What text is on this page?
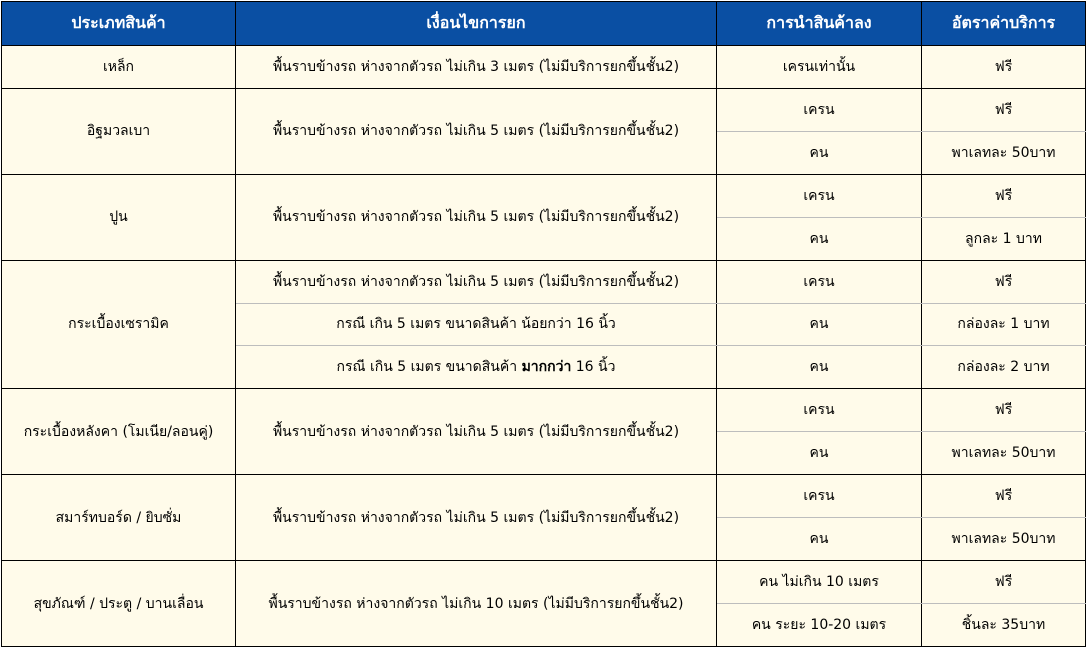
ประเภทสินค้า	เงื่อนไขการยก	การนำสินค้าลง	อัตราค่าบริการ
เหล็ก	พื้นราบข้างรถ ห่างจากตัวรถ ไม่เกิน 3 เมตร (ไม่มีบริการยกขึ้นชั้น2)	เครนเท่านั้น	ฟรี
อิฐมวลเบา	พื้นราบข้างรถ ห่างจากตัวรถ ไม่เกิน 5 เมตร (ไม่มีบริการยกขึ้นชั้น2)	เครน	ฟรี
		คน	พาเลทละ 50บาท
ปูน	พื้นราบข้างรถ ห่างจากตัวรถ ไม่เกิน 5 เมตร (ไม่มีบริการยกขึ้นชั้น2)	เครน	ฟรี
		คน	ลูกละ 1 บาท
กระเบื้องเซรามิค	พื้นราบข้างรถ ห่างจากตัวรถ ไม่เกิน 5 เมตร (ไม่มีบริการยกขึ้นชั้น2)	เครน	ฟรี
	กรณี เกิน 5 เมตร ขนาดสินค้า น้อยกว่า 16 นิ้ว	คน	กล่องละ 1 บาท
	กรณี เกิน 5 เมตร ขนาดสินค้า มากกว่า 16 นิ้ว	คน	กล่องละ 2 บาท
กระเบื้องหลังคา (โมเนีย/ลอนคู่)	พื้นราบข้างรถ ห่างจากตัวรถ ไม่เกิน 5 เมตร (ไม่มีบริการยกขึ้นชั้น2)	เครน	ฟรี
		คน	พาเลทละ 50บาท
สมาร์ทบอร์ด / ยิบซั่ม	พื้นราบข้างรถ ห่างจากตัวรถ ไม่เกิน 5 เมตร (ไม่มีบริการยกขึ้นชั้น2)	เครน	ฟรี
		คน	พาเลทละ 50บาท
สุขภัณฑ์ / ประตู / บานเลื่อน	พื้นราบข้างรถ ห่างจากตัวรถ ไม่เกิน 10 เมตร (ไม่มีบริการยกขึ้นชั้น2)	คน ไม่เกิน 10 เมตร	ฟรี
		คน ระยะ 10-20 เมตร	ชิ้นละ 35บาท
